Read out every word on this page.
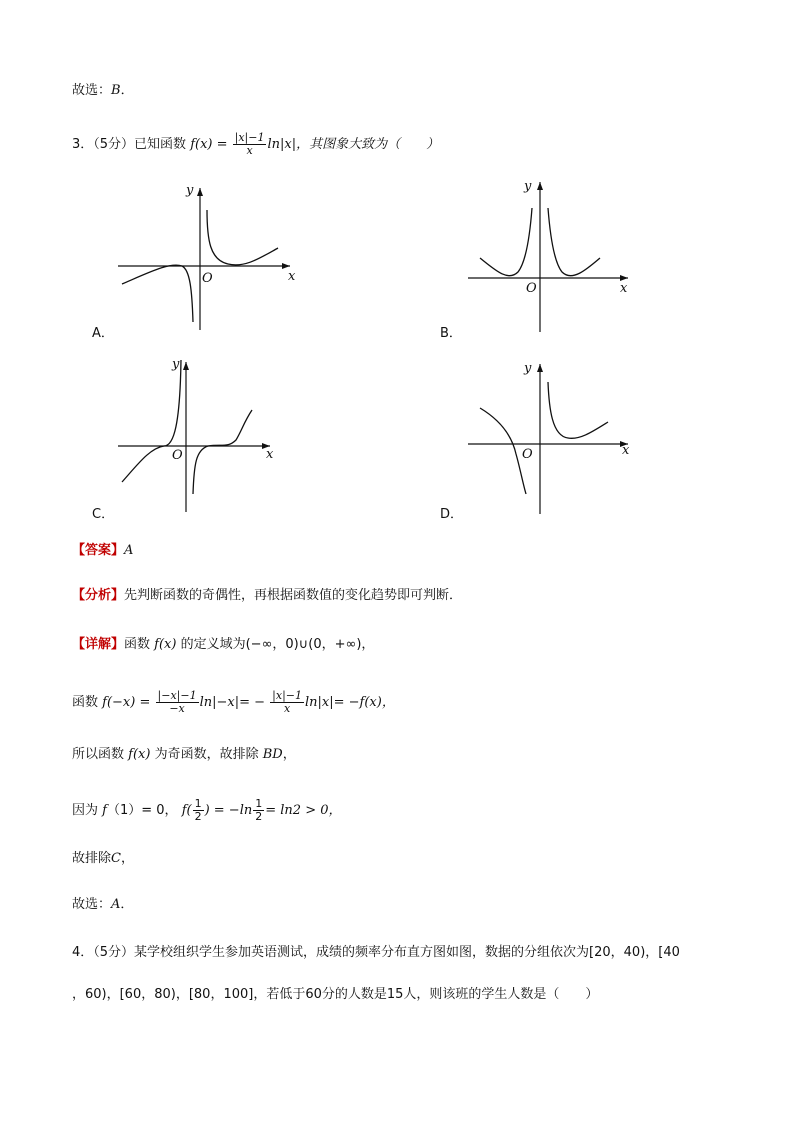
故选：B．
3．（5分）已知函数 $f(x) = \frac{|x|-1}{x} \ln|x|$，其图象大致为（　　）
x
y
O
A．
x
y
O
B．
x
y
O
C．
x
y
O
D．
【答案】A
【分析】先判断函数的奇偶性，再根据函数值的变化趋势即可判断．
【详解】函数 f(x) 的定义域为(−∞，0)∪(0，+∞)，
函数 $f(-x) = \frac{|-x|-1}{-x} \ln|-x|= - \frac{|x|-1}{x} \ln|x|= -f(x)$，
所以函数 f(x) 为奇函数，故排除 BD，
因为 f（1）= 0， $f( \frac{1}{2}$ ) = $-\ln \frac{1}{2} = \ln 2 > 0$，
故排除C，
故选：A．
4．（5分）某学校组织学生参加英语测试，成绩的频率分布直方图如图，数据的分组依次为[20，40)，[40
，60)，[60，80)，[80，100]，若低于60分的人数是15人，则该班的学生人数是（　　）
